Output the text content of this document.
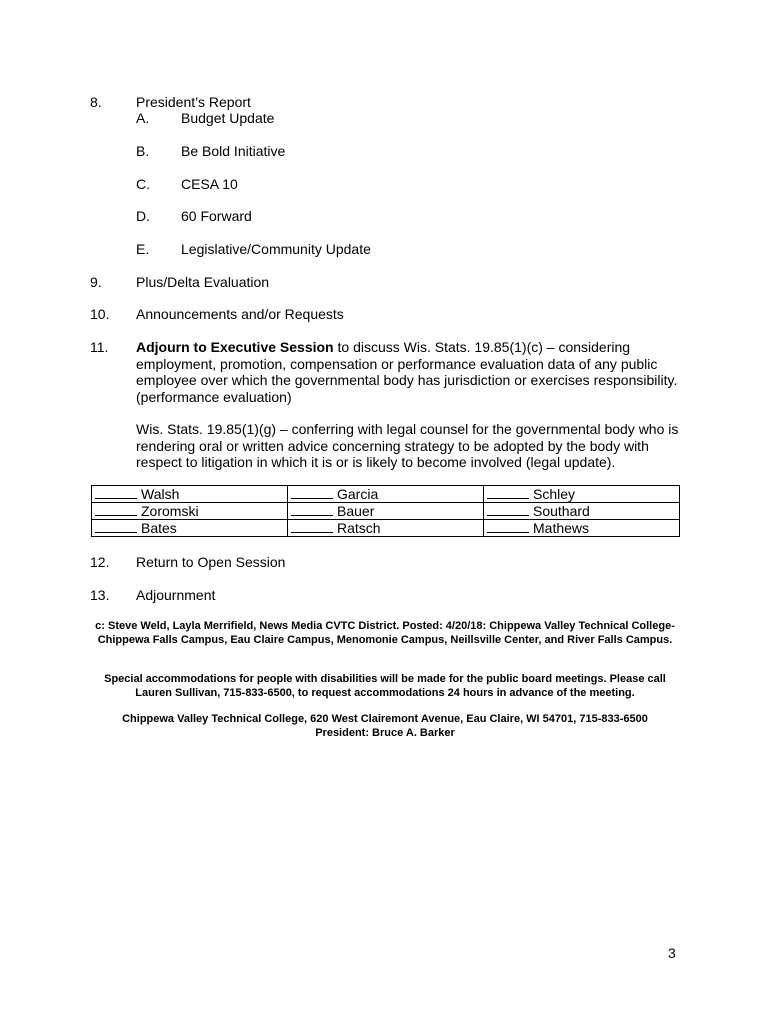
8. President’s Report
A. Budget Update
B. Be Bold Initiative
C. CESA 10
D. 60 Forward
E. Legislative/Community Update
9. Plus/Delta Evaluation
10. Announcements and/or Requests
11. Adjourn to Executive Session to discuss Wis. Stats. 19.85(1)(c) – considering employment, promotion, compensation or performance evaluation data of any public employee over which the governmental body has jurisdiction or exercises responsibility. (performance evaluation)
Wis. Stats. 19.85(1)(g) – conferring with legal counsel for the governmental body who is rendering oral or written advice concerning strategy to be adopted by the body with respect to litigation in which it is or is likely to become involved (legal update).
Walsh	Garcia	Schley
Zoromski	Bauer	Southard
Bates	Ratsch	Mathews
12. Return to Open Session
13. Adjournment
c: Steve Weld, Layla Merrifield, News Media CVTC District. Posted: 4/20/18: Chippewa Valley Technical College-Chippewa Falls Campus, Eau Claire Campus, Menomonie Campus, Neillsville Center, and River Falls Campus.
Special accommodations for people with disabilities will be made for the public board meetings. Please call Lauren Sullivan, 715-833-6500, to request accommodations 24 hours in advance of the meeting.
Chippewa Valley Technical College, 620 West Clairemont Avenue, Eau Claire, WI 54701, 715-833-6500
President: Bruce A. Barker
3
